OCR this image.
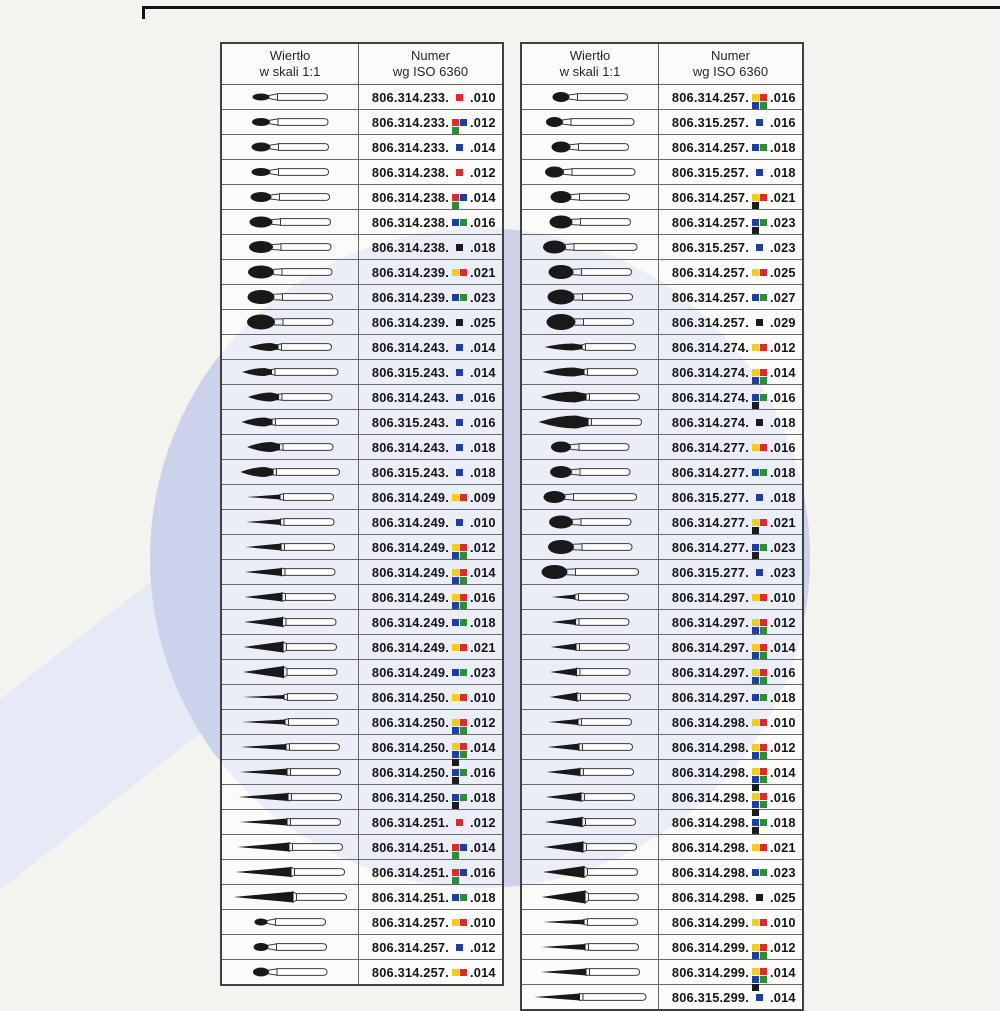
Wiertło
w skali 1:1
Numer
wg ISO 6360
806.314.233. .010
806.314.233. .012
806.314.233. .014
806.314.238. .012
806.314.238. .014
806.314.238. .016
806.314.238. .018
806.314.239. .021
806.314.239. .023
806.314.239. .025
806.314.243. .014
806.315.243. .014
806.314.243. .016
806.315.243. .016
806.314.243. .018
806.315.243. .018
806.314.249. .009
806.314.249. .010
806.314.249. .012
806.314.249. .014
806.314.249. .016
806.314.249. .018
806.314.249. .021
806.314.249. .023
806.314.250. .010
806.314.250. .012
806.314.250. .014
806.314.250. .016
806.314.250. .018
806.314.251. .012
806.314.251. .014
806.314.251. .016
806.314.251. .018
806.314.257. .010
806.314.257. .012
806.314.257. .014
Wiertło
w skali 1:1
Numer
wg ISO 6360
806.314.257. .016
806.315.257. .016
806.314.257. .018
806.315.257. .018
806.314.257. .021
806.314.257. .023
806.315.257. .023
806.314.257. .025
806.314.257. .027
806.314.257. .029
806.314.274. .012
806.314.274. .014
806.314.274. .016
806.314.274. .018
806.314.277. .016
806.314.277. .018
806.315.277. .018
806.314.277. .021
806.314.277. .023
806.315.277. .023
806.314.297. .010
806.314.297. .012
806.314.297. .014
806.314.297. .016
806.314.297. .018
806.314.298. .010
806.314.298. .012
806.314.298. .014
806.314.298. .016
806.314.298. .018
806.314.298. .021
806.314.298. .023
806.314.298. .025
806.314.299. .010
806.314.299. .012
806.314.299. .014
806.315.299. .014
